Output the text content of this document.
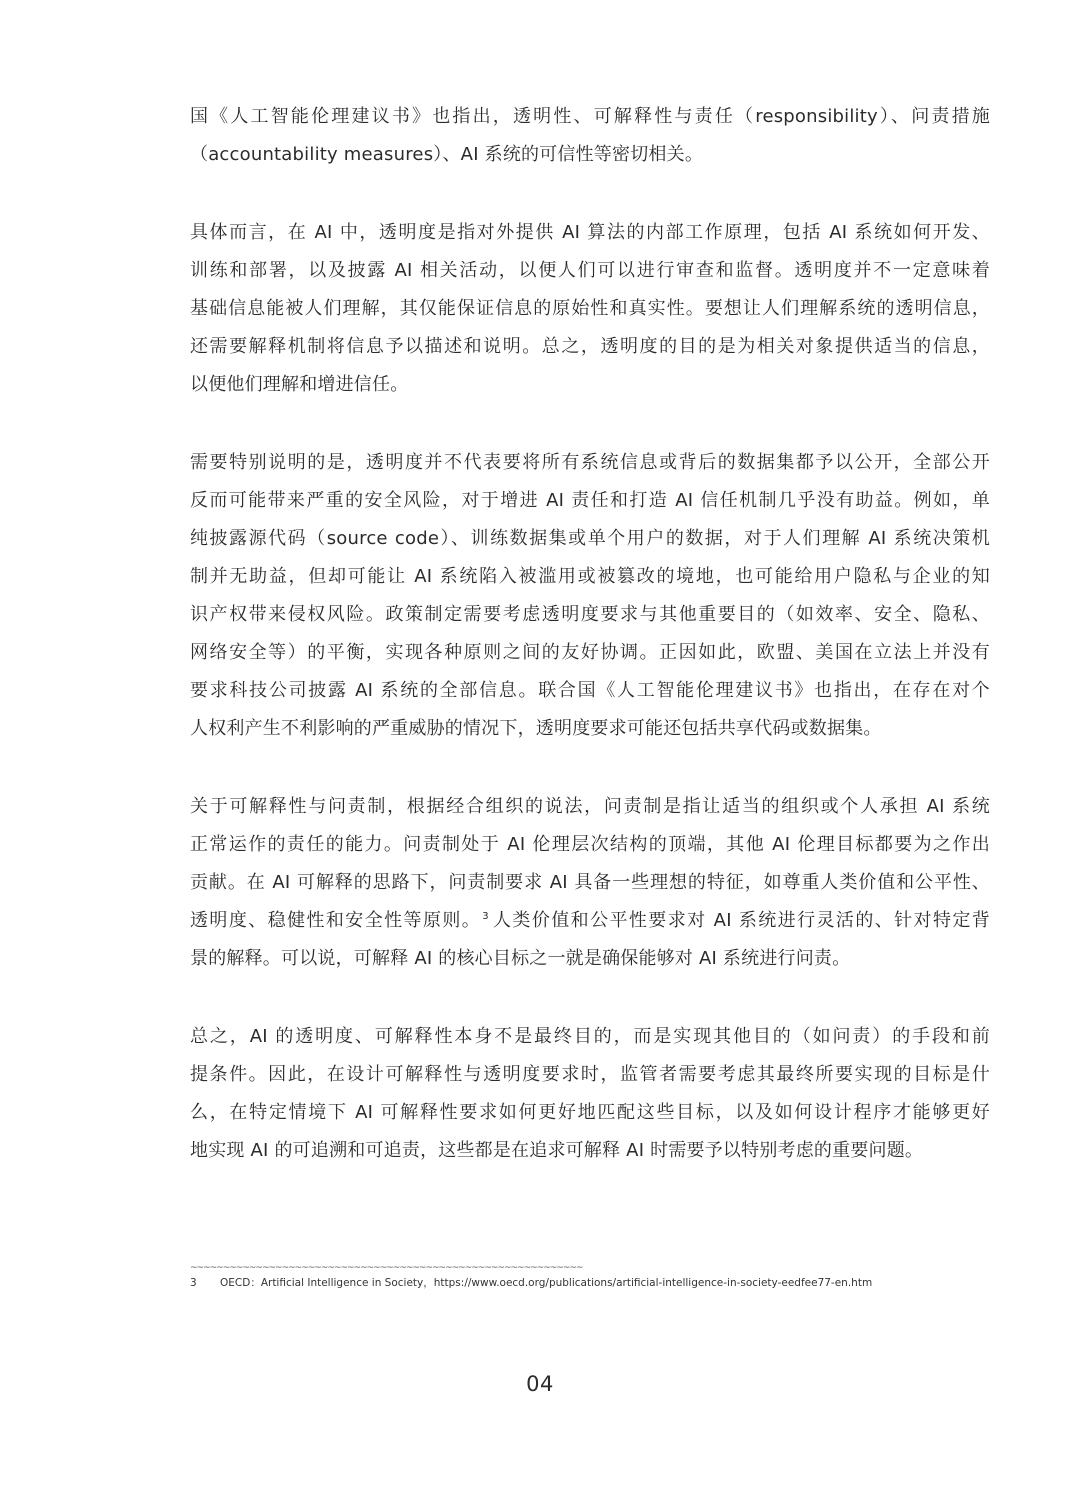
国《人工智能伦理建议书》也指出，透明性、可解释性与责任（responsibility）、问责措施
（accountability measures）、AI 系统的可信性等密切相关。

具体而言，在 AI 中，透明度是指对外提供 AI 算法的内部工作原理，包括 AI 系统如何开发、
训练和部署，以及披露 AI 相关活动，以便人们可以进行审查和监督。透明度并不一定意味着
基础信息能被人们理解，其仅能保证信息的原始性和真实性。要想让人们理解系统的透明信息，
还需要解释机制将信息予以描述和说明。总之，透明度的目的是为相关对象提供适当的信息，
以便他们理解和增进信任。

需要特别说明的是，透明度并不代表要将所有系统信息或背后的数据集都予以公开，全部公开
反而可能带来严重的安全风险，对于增进 AI 责任和打造 AI 信任机制几乎没有助益。例如，单
纯披露源代码（source code）、训练数据集或单个用户的数据，对于人们理解 AI 系统决策机
制并无助益，但却可能让 AI 系统陷入被滥用或被篡改的境地，也可能给用户隐私与企业的知
识产权带来侵权风险。政策制定需要考虑透明度要求与其他重要目的（如效率、安全、隐私、
网络安全等）的平衡，实现各种原则之间的友好协调。正因如此，欧盟、美国在立法上并没有
要求科技公司披露 AI 系统的全部信息。联合国《人工智能伦理建议书》也指出，在存在对个
人权利产生不利影响的严重威胁的情况下，透明度要求可能还包括共享代码或数据集。

关于可解释性与问责制，根据经合组织的说法，问责制是指让适当的组织或个人承担 AI 系统
正常运作的责任的能力。问责制处于 AI 伦理层次结构的顶端，其他 AI 伦理目标都要为之作出
贡献。在 AI 可解释的思路下，问责制要求 AI 具备一些理想的特征，如尊重人类价值和公平性、
透明度、稳健性和安全性等原则。$^3$ 人类价值和公平性要求对 AI 系统进行灵活的、针对特定背
景的解释。可以说，可解释 AI 的核心目标之一就是确保能够对 AI 系统进行问责。

总之，AI 的透明度、可解释性本身不是最终目的，而是实现其他目的（如问责）的手段和前
提条件。因此，在设计可解释性与透明度要求时，监管者需要考虑其最终所要实现的目标是什
么，在特定情境下 AI 可解释性要求如何更好地匹配这些目标，以及如何设计程序才能够更好
地实现 AI 的可追溯和可追责，这些都是在追求可解释 AI 时需要予以特别考虑的重要问题。

~~~~~~~~~~~~~~~~~~~~~~~~~~~~~~~~~~~~~~~~~~~~~~~~~~~~~~~~~~~~
3 OECD：Artificial Intelligence in Society，https://www.oecd.org/publications/artificial-intelligence-in-society-eedfee77-en.htm
04
